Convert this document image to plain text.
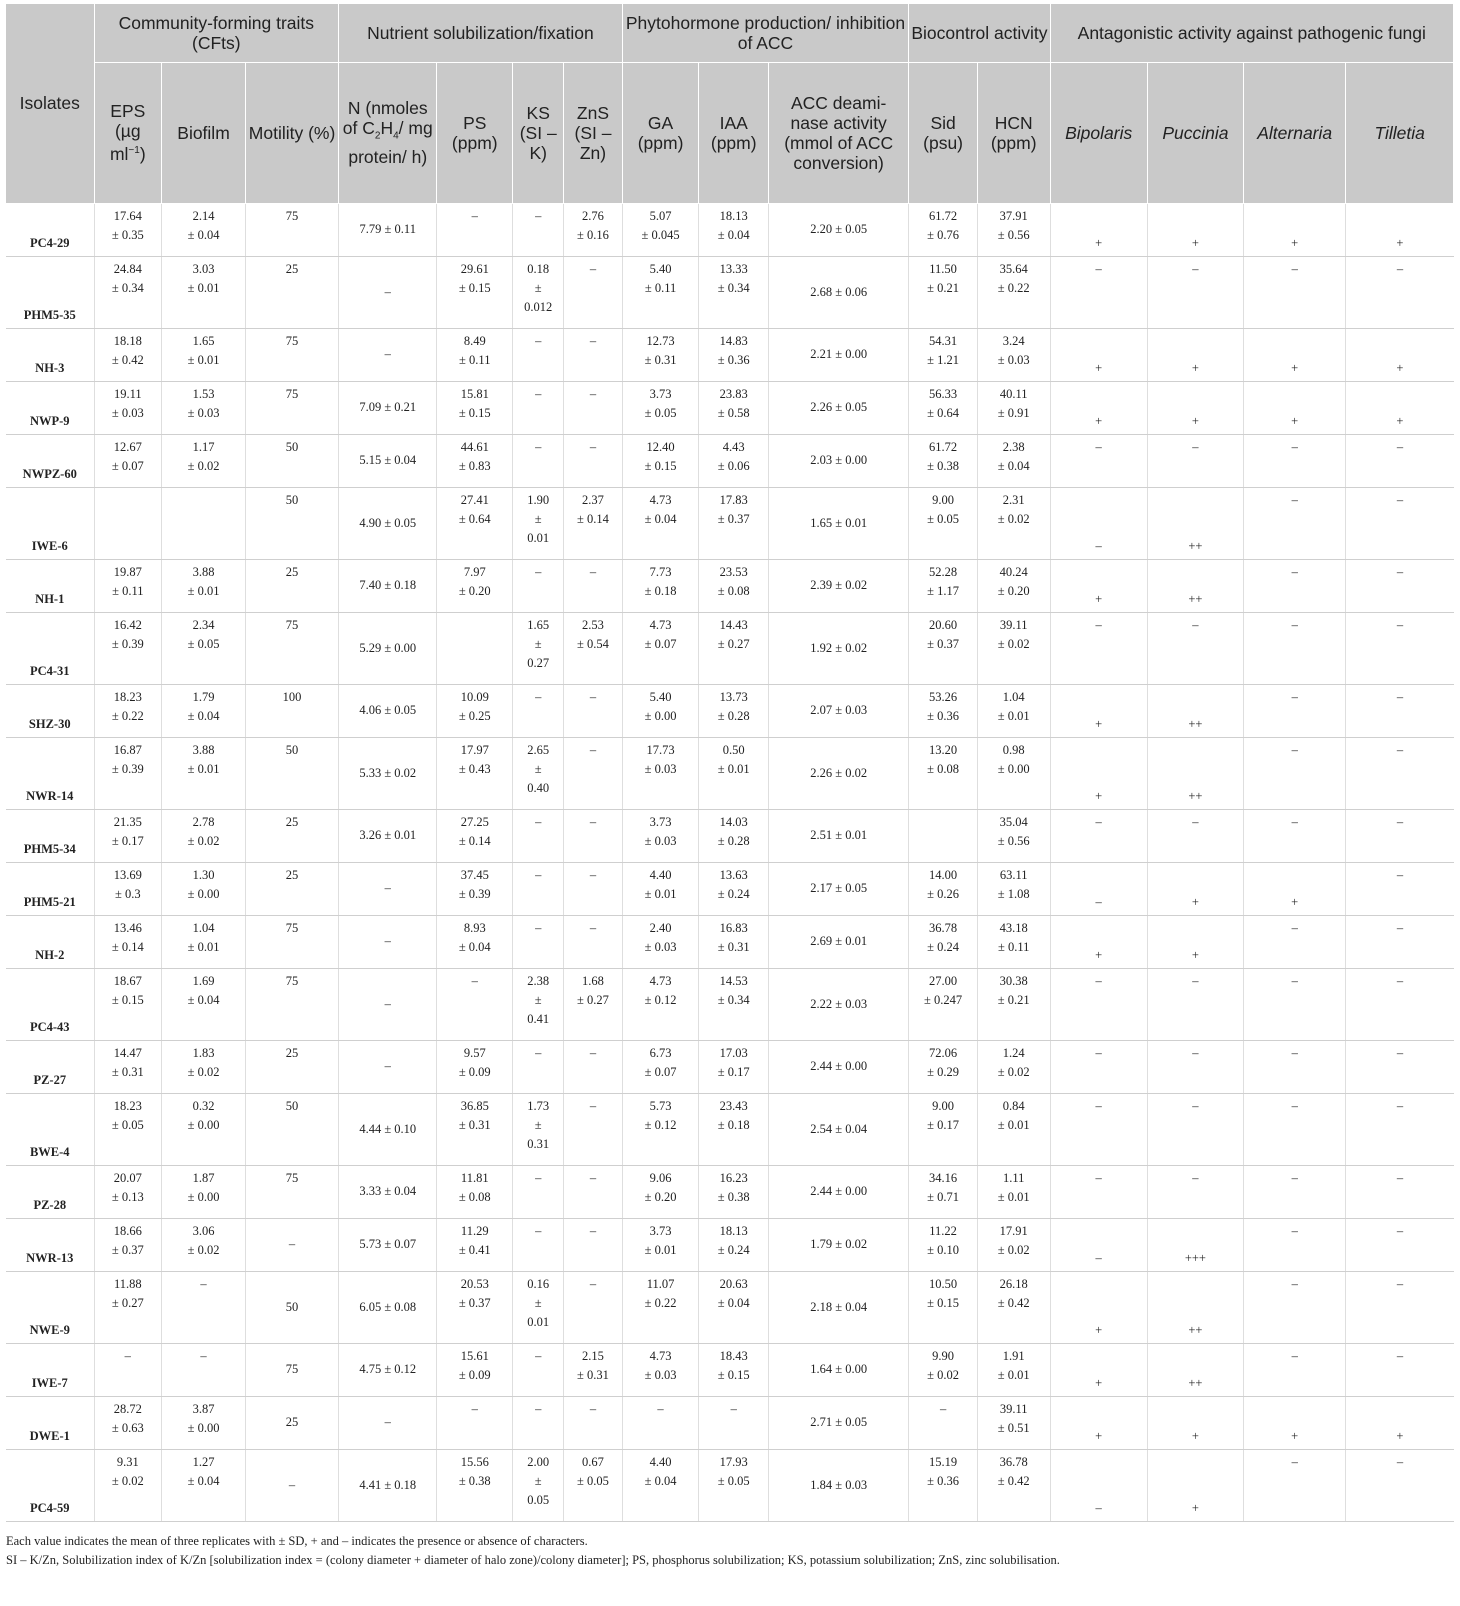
Isolates	Community-forming traits (CFts)			Nutrient solubilization/fixation				Phytohormone production/ inhibition of ACC			Biocontrol activity		Antagonistic activity against pathogenic fungi			
	EPS (µg $ml^{-1}$)	Biofilm	Motility (%)	N (nmoles of $C_2H_4/$ mg protein/ h)	PS (ppm)	KS (SI – K)	ZnS (SI – Zn)	GA (ppm)	IAA (ppm)	ACC deami- nase activity (mmol of ACC conversion)	Sid (psu)	HCN (ppm)	Bipolaris	Puccinia	Alternaria	Tilletia
PC4-29	17.64
± 0.35	2.14
± 0.04	75	7.79 ± 0.11	–	–	2.76
± 0.16	5.07
± 0.045	18.13
± 0.04	2.20 ± 0.05	61.72
± 0.76	37.91
± 0.56	+	+	+	+

PHM5-35	24.84
± 0.34	3.03
± 0.01	25	–	29.61
± 0.15	0.18
±
0.012	–	5.40
± 0.11	13.33
± 0.34	2.68 ± 0.06	11.50
± 0.21	35.64
± 0.22	–	–	–	–

NH-3	18.18
± 0.42	1.65
± 0.01	75	–	8.49
± 0.11	–	–	12.73
± 0.31	14.83
± 0.36	2.21 ± 0.00	54.31
± 1.21	3.24
± 0.03	+	+	+	+

NWP-9	19.11
± 0.03	1.53
± 0.03	75	7.09 ± 0.21	15.81
± 0.15	–	–	3.73
± 0.05	23.83
± 0.58	2.26 ± 0.05	56.33
± 0.64	40.11
± 0.91	+	+	+	+

NWPZ-60	12.67
± 0.07	1.17
± 0.02	50	5.15 ± 0.04	44.61
± 0.83	–	–	12.40
± 0.15	4.43
± 0.06	2.03 ± 0.00	61.72
± 0.38	2.38
± 0.04	–	–	–	–

IWE-6			50	4.90 ± 0.05	27.41
± 0.64	1.90
±
0.01	2.37
± 0.14	4.73
± 0.04	17.83
± 0.37	1.65 ± 0.01	9.00
± 0.05	2.31
± 0.02	–	++	–	–

NH-1	19.87
± 0.11	3.88
± 0.01	25	7.40 ± 0.18	7.97
± 0.20	–	–	7.73
± 0.18	23.53
± 0.08	2.39 ± 0.02	52.28
± 1.17	40.24
± 0.20	+	++	–	–

PC4-31	16.42
± 0.39	2.34
± 0.05	75	5.29 ± 0.00		1.65
±
0.27	2.53
± 0.54	4.73
± 0.07	14.43
± 0.27	1.92 ± 0.02	20.60
± 0.37	39.11
± 0.02	–	–	–	–

SHZ-30	18.23
± 0.22	1.79
± 0.04	100	4.06 ± 0.05	10.09
± 0.25	–	–	5.40
± 0.00	13.73
± 0.28	2.07 ± 0.03	53.26
± 0.36	1.04
± 0.01	+	++	–	–

NWR-14	16.87
± 0.39	3.88
± 0.01	50	5.33 ± 0.02	17.97
± 0.43	2.65
±
0.40	–	17.73
± 0.03	0.50
± 0.01	2.26 ± 0.02	13.20
± 0.08	0.98
± 0.00	+	++	–	–

PHM5-34	21.35
± 0.17	2.78
± 0.02	25	3.26 ± 0.01	27.25
± 0.14	–	–	3.73
± 0.03	14.03
± 0.28	2.51 ± 0.01		35.04
± 0.56	–	–	–	–

PHM5-21	13.69
± 0.3	1.30
± 0.00	25	–	37.45
± 0.39	–	–	4.40
± 0.01	13.63
± 0.24	2.17 ± 0.05	14.00
± 0.26	63.11
± 1.08	–	+	+	–

NH-2	13.46
± 0.14	1.04
± 0.01	75	–	8.93
± 0.04	–	–	2.40
± 0.03	16.83
± 0.31	2.69 ± 0.01	36.78
± 0.24	43.18
± 0.11	+	+	–	–

PC4-43	18.67
± 0.15	1.69
± 0.04	75	–	–	2.38
±
0.41	1.68
± 0.27	4.73
± 0.12	14.53
± 0.34	2.22 ± 0.03	27.00
± 0.247	30.38
± 0.21	–	–	–	–

PZ-27	14.47
± 0.31	1.83
± 0.02	25	–	9.57
± 0.09	–	–	6.73
± 0.07	17.03
± 0.17	2.44 ± 0.00	72.06
± 0.29	1.24
± 0.02	–	–	–	–

BWE-4	18.23
± 0.05	0.32
± 0.00	50	4.44 ± 0.10	36.85
± 0.31	1.73
±
0.31	–	5.73
± 0.12	23.43
± 0.18	2.54 ± 0.04	9.00
± 0.17	0.84
± 0.01	–	–	–	–

PZ-28	20.07
± 0.13	1.87
± 0.00	75	3.33 ± 0.04	11.81
± 0.08	–	–	9.06
± 0.20	16.23
± 0.38	2.44 ± 0.00	34.16
± 0.71	1.11
± 0.01	–	–	–	–

NWR-13	18.66
± 0.37	3.06
± 0.02	–	5.73 ± 0.07	11.29
± 0.41	–	–	3.73
± 0.01	18.13
± 0.24	1.79 ± 0.02	11.22
± 0.10	17.91
± 0.02	–	+++	–	–

NWE-9	11.88
± 0.27	–	50	6.05 ± 0.08	20.53
± 0.37	0.16
±
0.01	–	11.07
± 0.22	20.63
± 0.04	2.18 ± 0.04	10.50
± 0.15	26.18
± 0.42	+	++	–	–

IWE-7	–	–	75	4.75 ± 0.12	15.61
± 0.09	–	2.15
± 0.31	4.73
± 0.03	18.43
± 0.15	1.64 ± 0.00	9.90
± 0.02	1.91
± 0.01	+	++	–	–

DWE-1	28.72
± 0.63	3.87
± 0.00	25	–	–	–	–	–	–	2.71 ± 0.05	–	39.11
± 0.51	+	+	+	+

PC4-59	9.31
± 0.02	1.27
± 0.04	–	4.41 ± 0.18	15.56
± 0.38	2.00
±
0.05	0.67
± 0.05	4.40
± 0.04	17.93
± 0.05	1.84 ± 0.03	15.19
± 0.36	36.78
± 0.42	–	+	–	–

Each value indicates the mean of three replicates with ± SD, + and – indicates the presence or absence of characters.

SI – K/Zn, Solubilization index of K/Zn [solubilization index = (colony diameter + diameter of halo zone)/colony diameter]; PS, phosphorus solubilization; KS, potassium solubilization; ZnS, zinc solubilisation.
